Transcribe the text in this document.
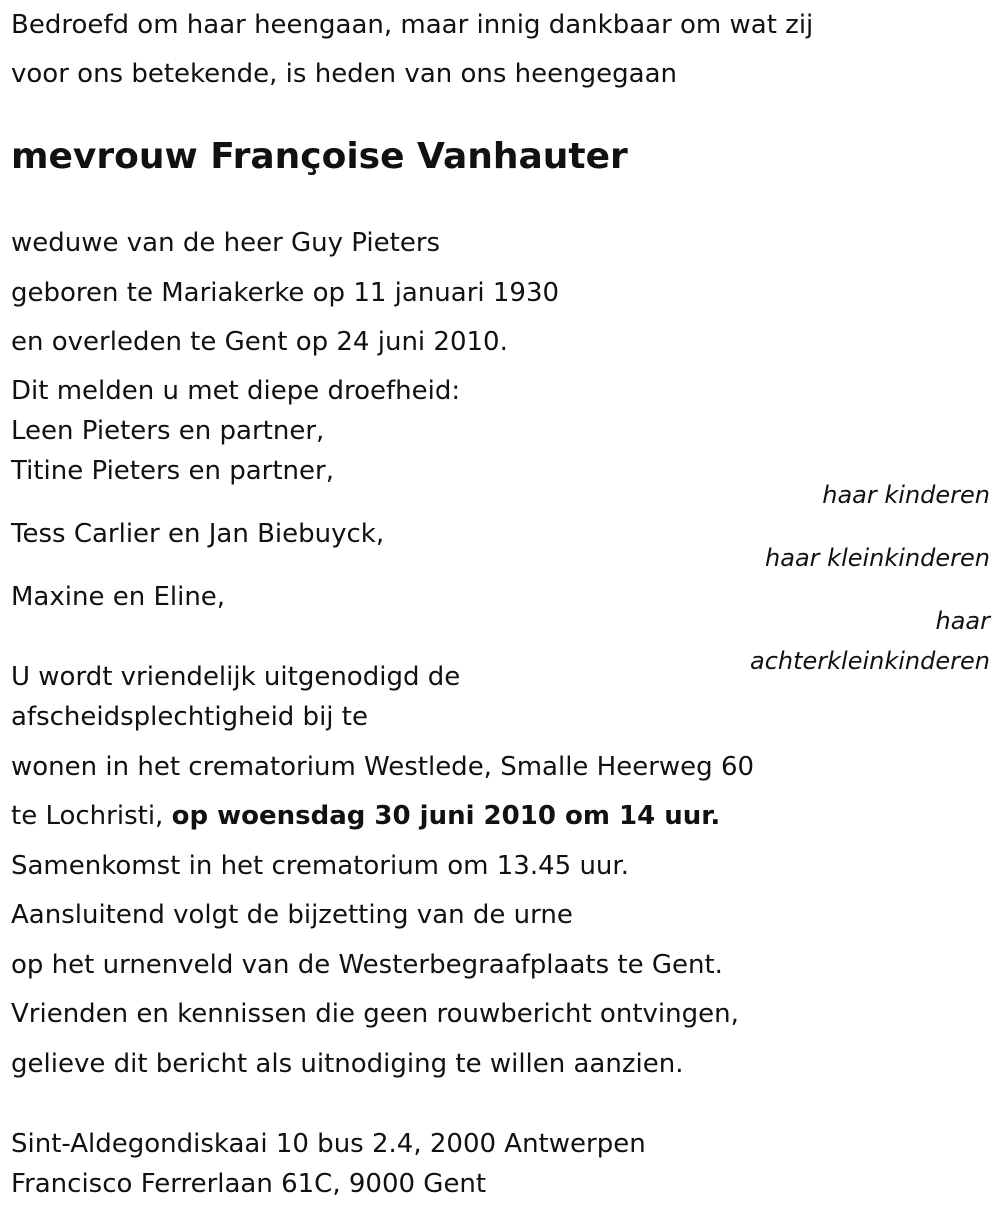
Bedroefd om haar heengaan, maar innig dankbaar om wat zij
voor ons betekende, is heden van ons heengegaan
mevrouw Françoise Vanhauter
weduwe van de heer Guy Pieters
geboren te Mariakerke op 11 januari 1930
en overleden te Gent op 24 juni 2010.
Dit melden u met diepe droefheid:
Leen Pieters en partner,
Titine Pieters en partner,
haar kinderen
Tess Carlier en Jan Biebuyck,
haar kleinkinderen
Maxine en Eline,
haar
achterkleinkinderen
U wordt vriendelijk uitgenodigd de
afscheidsplechtigheid bij te
wonen in het crematorium Westlede, Smalle Heerweg 60
te Lochristi, op woensdag 30 juni 2010 om 14 uur.
Samenkomst in het crematorium om 13.45 uur.
Aansluitend volgt de bijzetting van de urne
op het urnenveld van de Westerbegraafplaats te Gent.
Vrienden en kennissen die geen rouwbericht ontvingen,
gelieve dit bericht als uitnodiging te willen aanzien.
Sint-Aldegondiskaai 10 bus 2.4, 2000 Antwerpen
Francisco Ferrerlaan 61C, 9000 Gent
